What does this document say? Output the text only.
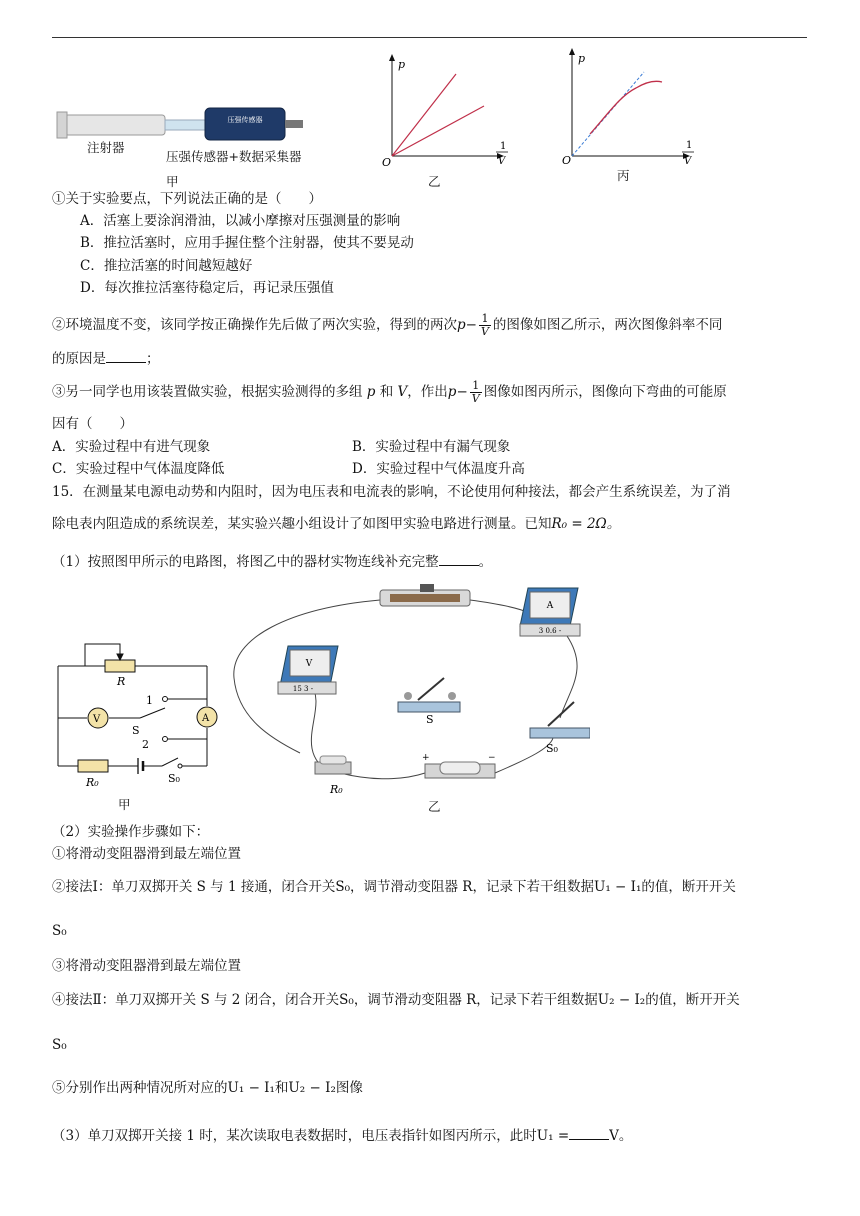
压强传感器
注射器
压强传感器+数据采集器
甲
p
O
1
V
乙
p
O
1
V
丙
①关于实验要点，下列说法正确的是（　　）
A．活塞上要涂润滑油，以减小摩擦对压强测量的影响
B．推拉活塞时，应用手握住整个注射器，使其不要晃动
C．推拉活塞的时间越短越好
D．每次推拉活塞待稳定后，再记录压强值
②环境温度不变，该同学按正确操作先后做了两次实验，得到的两次$p- \frac{1}{V}$ 的图像如图乙所示，两次图像斜率不同
的原因是	；
③另一同学也用该装置做实验，根据实验测得的多组 p 和 V，作出$p- \frac{1}{V}$ 图像如图丙所示，图像向下弯曲的可能原
因有（　　）
A．实验过程中有进气现象	B．实验过程中有漏气现象
C．实验过程中气体温度降低	D．实验过程中气体温度升高
15．在测量某电源电动势和内阻时，因为电压表和电流表的影响，不论使用何种接法，都会产生系统误差，为了消
除电表内阻造成的系统误差，某实验兴趣小组设计了如图甲实验电路进行测量。已知R₀ = 2Ω。
（1）按照图甲所示的电路图，将图乙中的器材实物连线补充完整	。
R
V	A
1
S
2
R₀	S₀
甲
A
3 0.6 -
V
15 3 -
S
S₀
R₀
+	−
乙
（2）实验操作步骤如下：
①将滑动变阻器滑到最左端位置
②接法Ⅰ：单刀双掷开关 S 与 1 接通，闭合开关S₀，调节滑动变阻器 R，记录下若干组数据U₁ − I₁的值，断开开关
S₀
③将滑动变阻器滑到最左端位置
④接法Ⅱ：单刀双掷开关 S 与 2 闭合，闭合开关S₀，调节滑动变阻器 R，记录下若干组数据U₂ − I₂的值，断开开关
S₀
⑤分别作出两种情况所对应的U₁ − I₁和U₂ − I₂图像
（3）单刀双掷开关接 1 时，某次读取电表数据时，电压表指针如图丙所示，此时U₁ =	V。
